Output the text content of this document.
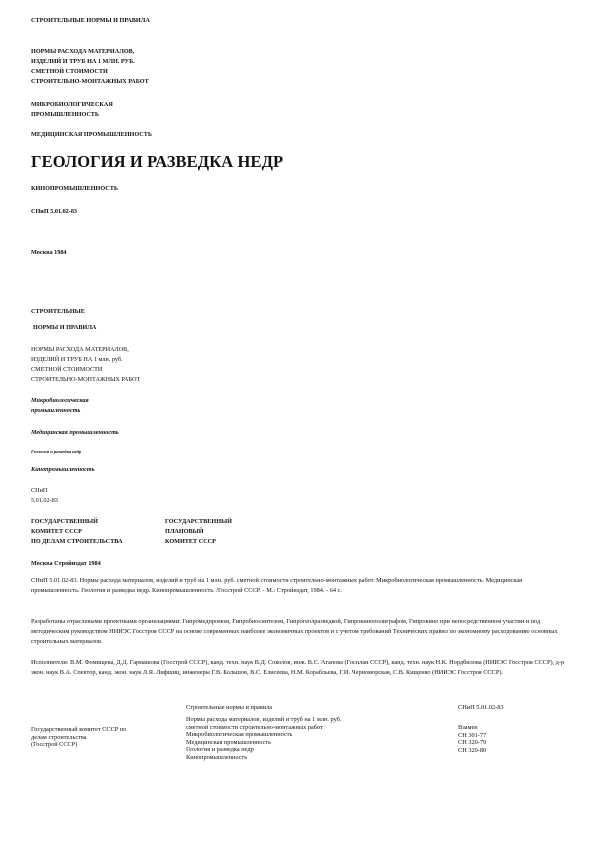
СТРОИТЕЛЬНЫЕ НОРМЫ И ПРАВИЛА

НОРМЫ РАСХОДА МАТЕРИАЛОВ,
ИЗДЕЛИЙ И ТРУБ НА 1 МЛН. РУБ.
СМЕТНОЙ СТОИМОСТИ
СТРОИТЕЛЬНО-МОНТАЖНЫХ РАБОТ
МИКРОБИОЛОГИЧЕСКАЯ
ПРОМЫШЛЕННОСТЬ

МЕДИЦИНСКАЯ ПРОМЫШЛЕННОСТЬ

ГЕОЛОГИЯ И РАЗВЕДКА НЕДР

КИНОПРОМЫШЛЕННОСТЬ

СНиП 5.01.02-83

Москва 1984

СТРОИТЕЛЬНЫЕ

НОРМЫ И ПРАВИЛА

НОРМЫ РАСХОДА МАТЕРИАЛОВ,
ИЗДЕЛИЙ И ТРУБ НА 1 млн. руб.
СМЕТНОЙ СТОИМОСТИ
СТРОИТЕЛЬНО-МОНТАЖНЫХ РАБОТ
Микробиологическая
промышленность

Медицинская промышленность

Геология и разведка недр

Кинопромышленность

СНиП

5.01.02-83

ГОСУДАРСТВЕННЫЙ
КОМИТЕТ СССР
ПО ДЕЛАМ СТРОИТЕЛЬСТВА
ГОСУДАРСТВЕННЫЙ
ПЛАНОВЫЙ
КОМИТЕТ СССР

Москва Стройиздат 1984

СНиП 5.01.02-83. Нормы расхода материалов, изделий и труб на 1 млн. руб. сметной стоимости строительно-монтажных работ. Микробиологическая промышленность. Медицинская промышленность. Геология и разведка недр. Кинопромышленность. /Госстрой СССР. - М.: Стройиздат, 1984. - 64 с.

Разработаны отраслевыми проектными организациями: Гипромедпромом, Гипробиосинтезом, Гипрогеолразведкой, Гипрокинополиграфом, Гипрокино при непосредственном участии и под методическим руководством НИИЭС Госстроя СССР на основе современных наиболее экономичных проектов и с учетом требований Технических правил по экономному расходованию основных строительных материалов.

Исполнители: В.М. Фомищева, Д.Д. Гармашова (Госстрой СССР), канд. техн. наук В.Д. Соколов, инж. В.С. Агапова (Госплан СССР), канд. техн. наук Н.К. Нордбилова (НИИЭС Госстроя СССР), д-р экон. наук В.А. Спектор, канд. экон. наук Л.Я. Лифшиц, инженеры Г.В. Большов, В.С. Елисеева, Н.М. Корабльева, Г.И. Черноморская, С.В. Кищенко (НИИЭС Госстроя СССР).

Строительные нормы и правила	СНиП 5.01.02-83

Государственный комитет СССР по
делам строительства
(Госстрой СССР)
Нормы расхода материалов, изделий и труб на 1 млн. руб.
сметной стоимости строительно-монтажных работ
Микробиологическая промышленность
Медицинская промышленность
Геология и разведка недр
Кинопромышленность
Взамен
СН 301-77
СН 320-79
СН 320-80
